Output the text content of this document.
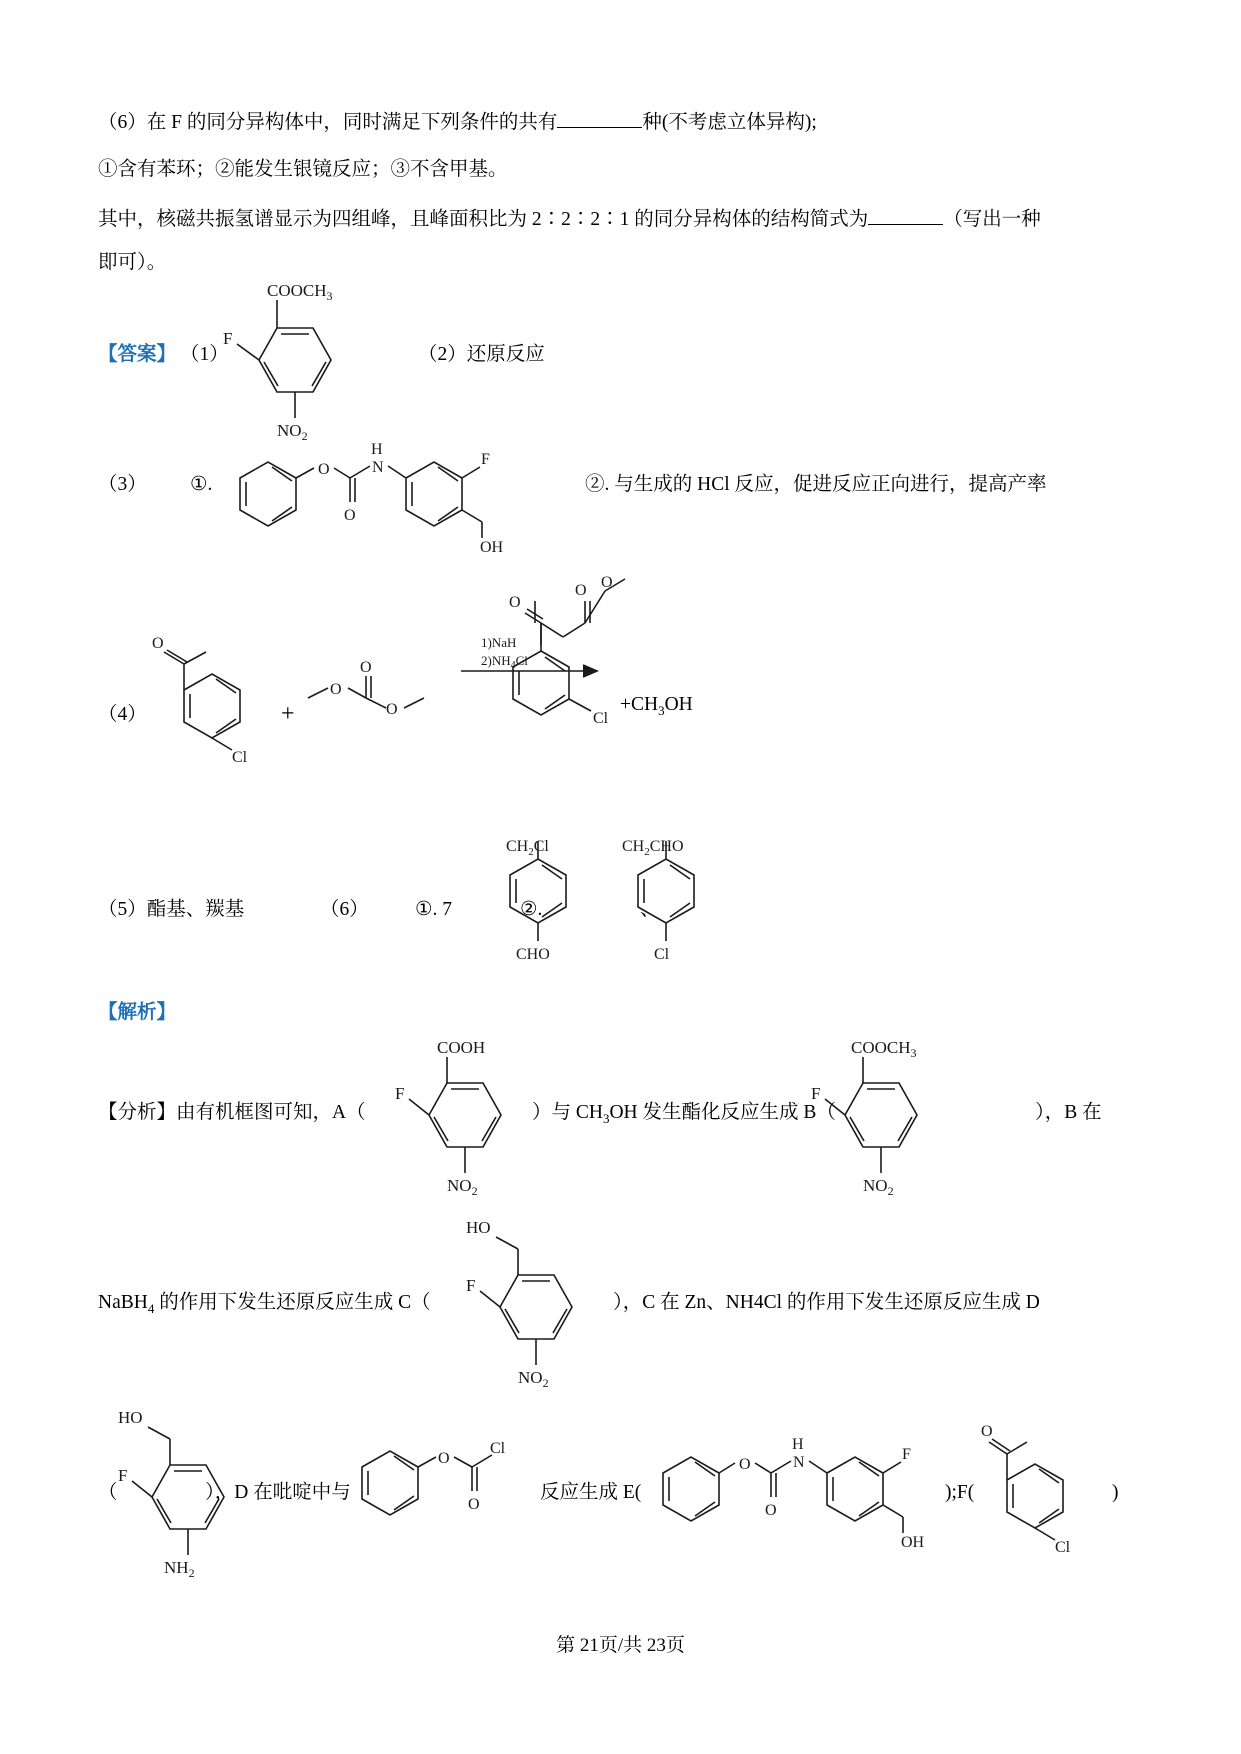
（6）在 F 的同分异构体中，同时满足下列条件的共有	种(不考虑立体异构);
①含有苯环；②能发生银镜反应；③不含甲基。
其中，核磁共振氢谱显示为四组峰，且峰面积比为 2∶2∶2∶1 的同分异构体的结构简式为	（写出一种
即可）。
【答案】 （1）	（2）还原反应
$COOCH_3$
F
$NO_2$
（3） ①.	②. 与生成的 HCl 反应，促进反应正向进行，提高产率
O	N
H
O
F
OH
（4）	+
O
Cl
O
O
O
1)NaH
$2)NH_4Cl$
O O
O
Cl
$+CH_3OH$
（5）酯基、羰基	（6） ①. 7	②.	、
$CH_2Cl$
CHO
$CH_2CHO$
Cl
【解析】
【分析】由有机框图可知，A（
COOH
F
$NO_2$
）与 $CH_3OH$ 发生酯化反应生成 B（
$COOCH_3$
F
$NO_2$
），B 在
NaBH$_4$ 的作用下发生还原反应生成 C（
HO
F
$NO_2$
），C 在 Zn、NH4Cl 的作用下发生还原反应生成 D
（
HO
F
$NH_2$
），D 在吡啶中与
O
O
Cl
反应生成 E(
O	N
H
O
F
OH
);F(
O
Cl
)
第 21页/共 23页
